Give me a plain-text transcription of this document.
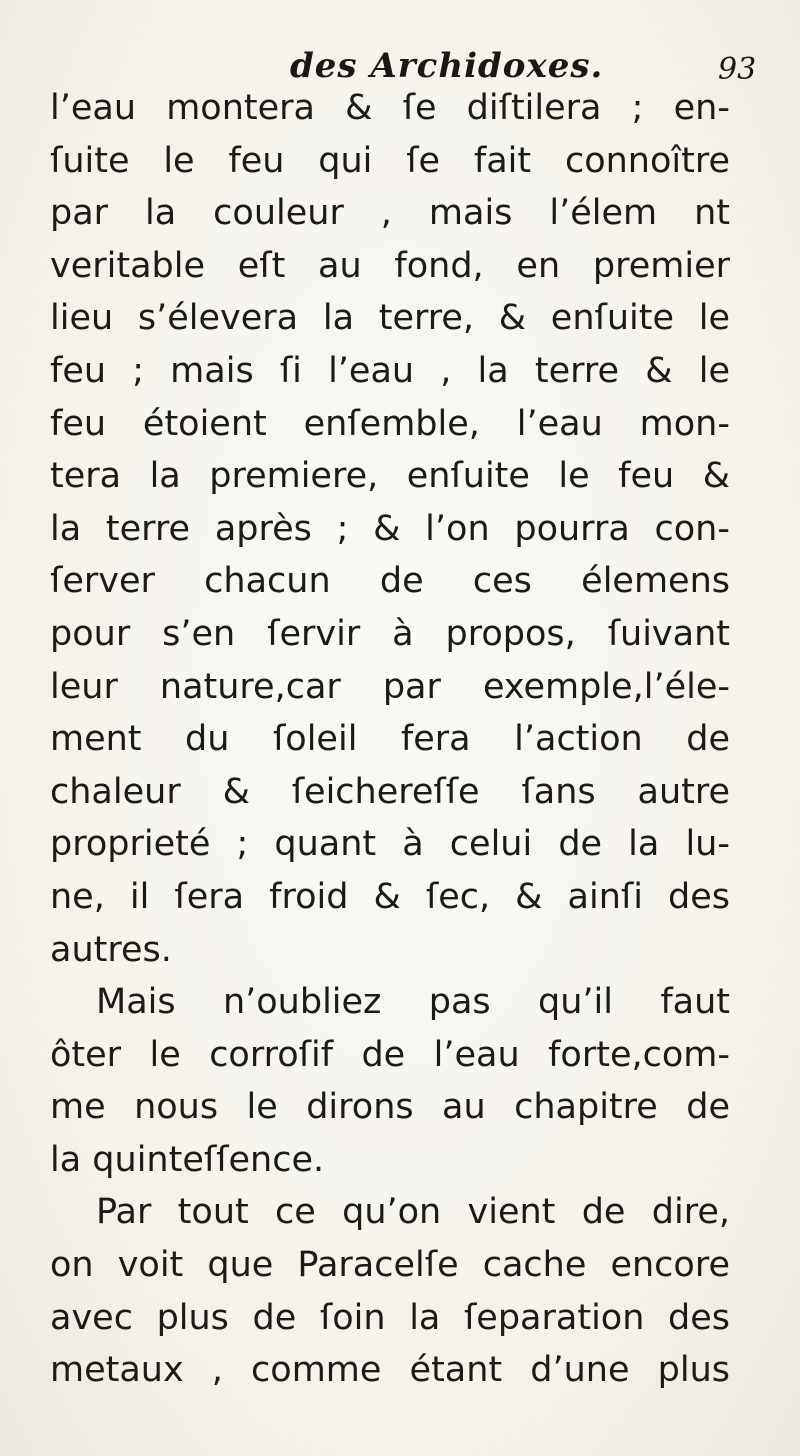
des Archidoxes.	93
l’eau montera & ſe diſtilera ; en-
ſuite le feu qui ſe fait connoître
par la couleur , mais l’élem nt
veritable eſt au fond, en premier
lieu s’élevera la terre, & enſuite le
feu ; mais ſi l’eau , la terre & le
feu étoient enſemble, l’eau mon-
tera la premiere, enſuite le feu &
la terre après ; & l’on pourra con-
ſerver chacun de ces élemens
pour s’en ſervir à propos, ſuivant
leur nature,car par exemple,l’éle-
ment du ſoleil fera l’action de
chaleur & ſeichereſſe ſans autre
proprieté ; quant à celui de la lu-
ne, il ſera froid & ſec, & ainſi des
autres.
Mais n’oubliez pas qu’il faut
ôter le corroſif de l’eau forte,com-
me nous le dirons au chapitre de
la quinteſſence.
Par tout ce qu’on vient de dire,
on voit que Paracelſe cache encore
avec plus de ſoin la ſeparation des
metaux , comme étant d’une plus
